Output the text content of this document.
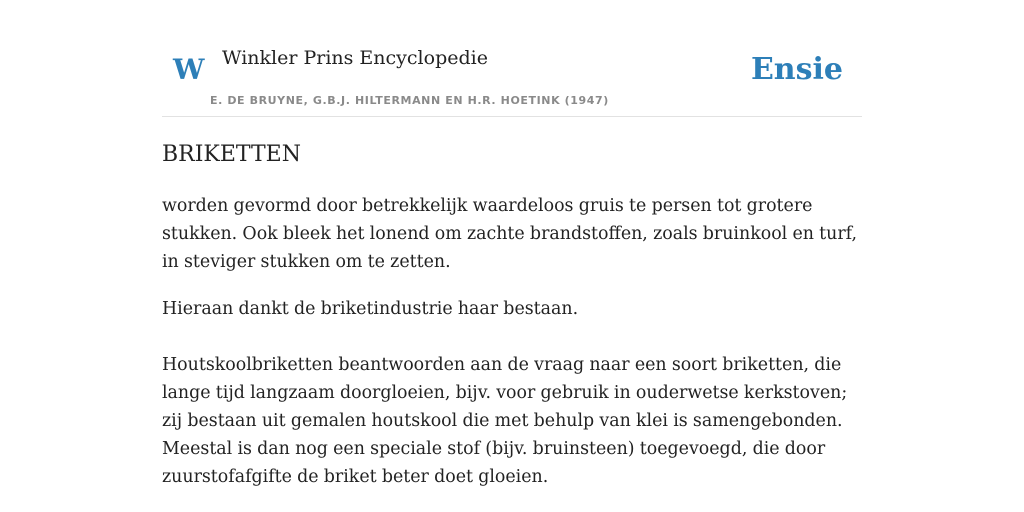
W Winkler Prins Encyclopedie
E. DE BRUYNE, G.B.J. HILTERMANN EN H.R. HOETINK (1947)
Ensie
BRIKETTEN

worden gevormd door betrekkelijk waardeloos gruis te persen tot grotere stukken. Ook bleek het lonend om zachte brandstoffen, zoals bruinkool en turf, in steviger stukken om te zetten.

Hieraan dankt de briketindustrie haar bestaan.

Houtskoolbriketten beantwoorden aan de vraag naar een soort briketten, die lange tijd langzaam doorgloeien, bijv. voor gebruik in ouderwetse kerkstoven; zij bestaan uit gemalen houtskool die met behulp van klei is samengebonden. Meestal is dan nog een speciale stof (bijv. bruinsteen) toegevoegd, die door zuurstofafgifte de briket beter doet gloeien.
